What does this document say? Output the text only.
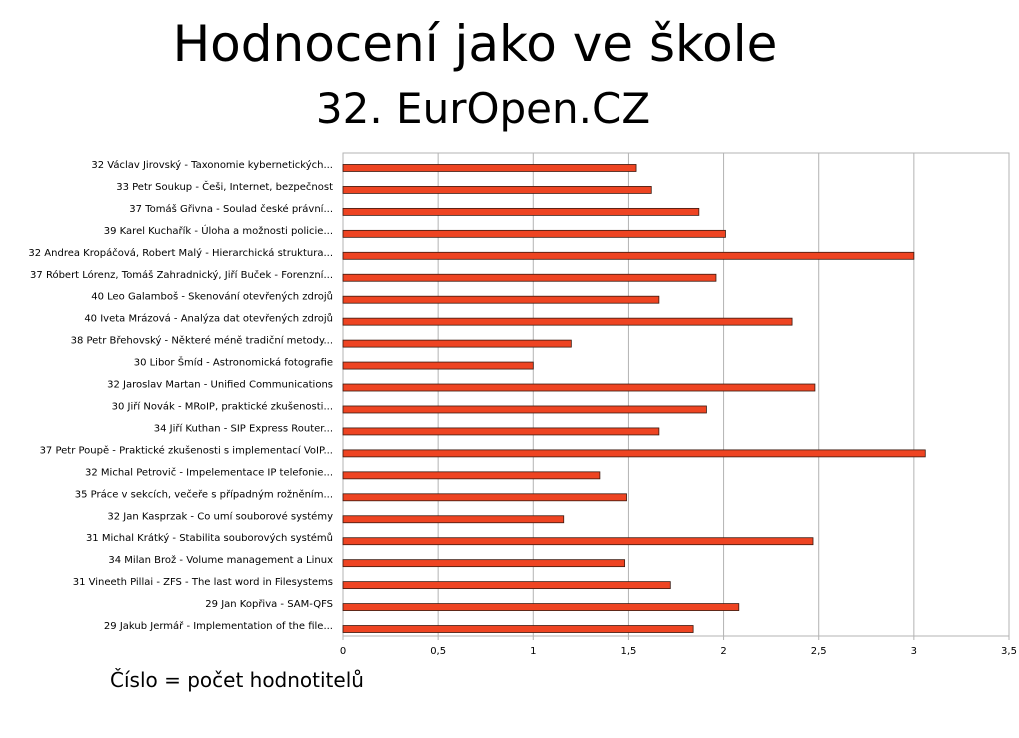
Hodnocení jako ve škole
32. EurOpen.CZ
32 Václav Jirovský - Taxonomie kybernetických...
33 Petr Soukup - Češi, Internet, bezpečnost
37 Tomáš Gřivna - Soulad české právní...
39 Karel Kuchařík - Úloha a možnosti policie...
32 Andrea Kropáčová, Robert Malý - Hierarchická struktura...
37 Róbert Lórenz, Tomáš Zahradnický, Jiří Buček - Forenzní...
40 Leo Galamboš - Skenování otevřených zdrojů
40 Iveta Mrázová - Analýza dat otevřených zdrojů
38 Petr Břehovský - Některé méně tradiční metody...
30 Libor Šmíd - Astronomická fotografie
32 Jaroslav Martan - Unified Communications
30 Jiří Novák - MRoIP, praktické zkušenosti...
34 Jiří Kuthan - SIP Express Router...
37 Petr Poupě - Praktické zkušenosti s implementací VoIP...
32 Michal Petrovič - Impelementace IP telefonie...
35 Práce v sekcích, večeře s případným rožněním...
32 Jan Kasprzak - Co umí souborové systémy
31 Michal Krátký - Stabilita souborových systémů
34 Milan Brož - Volume management a Linux
31 Vineeth Pillai - ZFS - The last word in Filesystems
29 Jan Kopřiva - SAM-QFS
29 Jakub Jermář - Implementation of the file...
0	0,5	1	1,5	2	2,5	3	3,5
Číslo = počet hodnotitelů
